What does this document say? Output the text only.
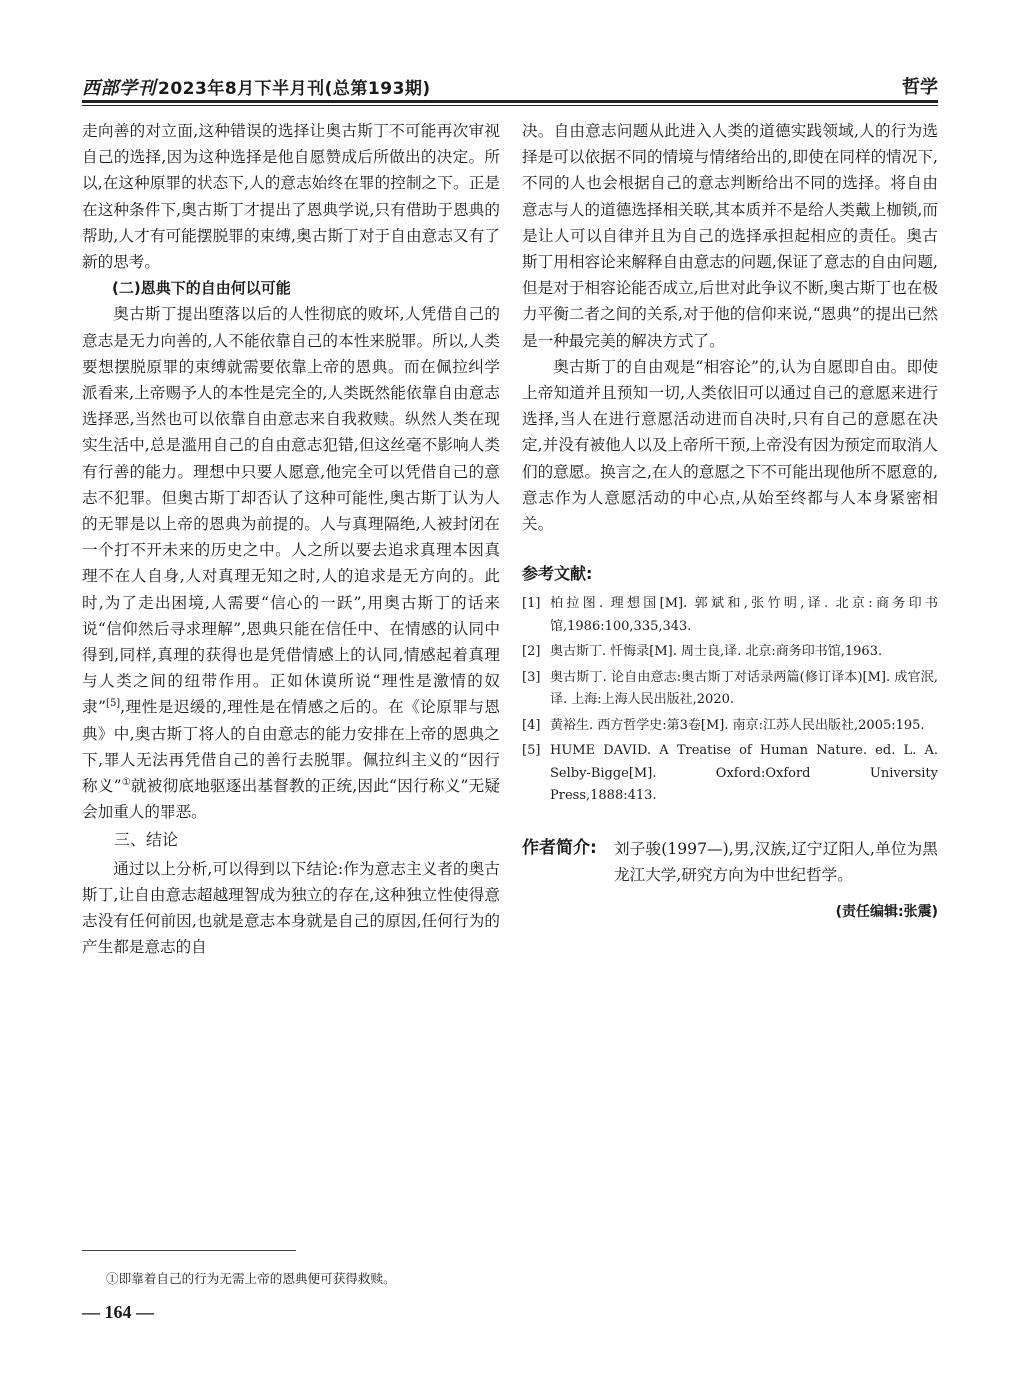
西部学刊 2023年8月下半月刊(总第193期)	哲学

走向善的对立面,这种错误的选择让奥古斯丁不可能再次审视自己的选择,因为这种选择是他自愿赞成后所做出的决定。所以,在这种原罪的状态下,人的意志始终在罪的控制之下。正是在这种条件下,奥古斯丁才提出了恩典学说,只有借助于恩典的帮助,人才有可能摆脱罪的束缚,奥古斯丁对于自由意志又有了新的思考。

(二)恩典下的自由何以可能

奥古斯丁提出堕落以后的人性彻底的败坏,人凭借自己的意志是无力向善的,人不能依靠自己的本性来脱罪。所以,人类要想摆脱原罪的束缚就需要依靠上帝的恩典。而在佩拉纠学派看来,上帝赐予人的本性是完全的,人类既然能依靠自由意志选择恶,当然也可以依靠自由意志来自我救赎。纵然人类在现实生活中,总是滥用自己的自由意志犯错,但这丝毫不影响人类有行善的能力。理想中只要人愿意,他完全可以凭借自己的意志不犯罪。但奥古斯丁却否认了这种可能性,奥古斯丁认为人的无罪是以上帝的恩典为前提的。人与真理隔绝,人被封闭在一个打不开未来的历史之中。人之所以要去追求真理本因真理不在人自身,人对真理无知之时,人的追求是无方向的。此时,为了走出困境,人需要“信心的一跃”,用奥古斯丁的话来说“信仰然后寻求理解”,恩典只能在信任中、在情感的认同中得到,同样,真理的获得也是凭借情感上的认同,情感起着真理与人类之间的纽带作用。正如休谟所说“理性是激情的奴隶”[5],理性是迟缓的,理性是在情感之后的。在《论原罪与恩典》中,奥古斯丁将人的自由意志的能力安排在上帝的恩典之下,罪人无法再凭借自己的善行去脱罪。佩拉纠主义的“因行称义”①就被彻底地驱逐出基督教的正统,因此“因行称义”无疑会加重人的罪恶。

三、结论

通过以上分析,可以得到以下结论:作为意志主义者的奥古斯丁,让自由意志超越理智成为独立的存在,这种独立性使得意志没有任何前因,也就是意志本身就是自己的原因,任何行为的产生都是意志的自

决。自由意志问题从此进入人类的道德实践领域,人的行为选择是可以依据不同的情境与情绪给出的,即使在同样的情况下,不同的人也会根据自己的意志判断给出不同的选择。将自由意志与人的道德选择相关联,其本质并不是给人类戴上枷锁,而是让人可以自律并且为自己的选择承担起相应的责任。奥古斯丁用相容论来解释自由意志的问题,保证了意志的自由问题,但是对于相容论能否成立,后世对此争议不断,奥古斯丁也在极力平衡二者之间的关系,对于他的信仰来说,“恩典”的提出已然是一种最完美的解决方式了。

奥古斯丁的自由观是“相容论”的,认为自愿即自由。即使上帝知道并且预知一切,人类依旧可以通过自己的意愿来进行选择,当人在进行意愿活动进而自决时,只有自己的意愿在决定,并没有被他人以及上帝所干预,上帝没有因为预定而取消人们的意愿。换言之,在人的意愿之下不可能出现他所不愿意的,意志作为人意愿活动的中心点,从始至终都与人本身紧密相关。

参考文献:
[1] 柏拉图. 理想国[M]. 郭斌和,张竹明,译. 北京:商务印书馆,1986:100,335,343.
[2] 奥古斯丁. 忏悔录[M]. 周士良,译. 北京:商务印书馆,1963.
[3] 奥古斯丁. 论自由意志:奥古斯丁对话录两篇(修订译本)[M]. 成官泯,译. 上海:上海人民出版社,2020.
[4] 黄裕生. 西方哲学史:第3卷[M]. 南京:江苏人民出版社,2005:195.
[5] HUME DAVID. A Treatise of Human Nature. ed. L. A. Selby-Bigge[M]. Oxford:Oxford University Press,1888:413.
作者简介: 刘子骏(1997—),男,汉族,辽宁辽阳人,单位为黑龙江大学,研究方向为中世纪哲学。
(责任编辑:张震)
①即靠着自己的行为无需上帝的恩典便可获得救赎。
— 164 —
